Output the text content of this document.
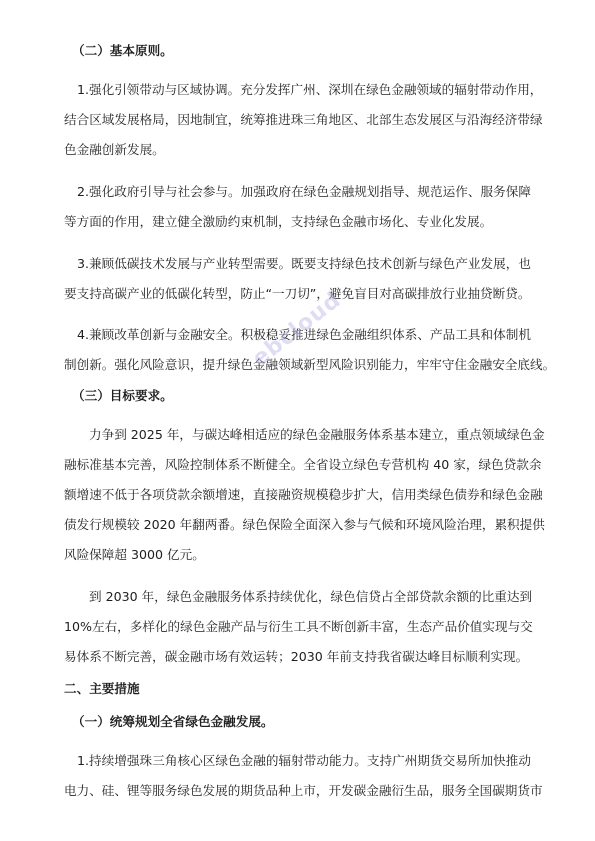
（二）基本原则。
1.强化引领带动与区域协调。充分发挥广州、深圳在绿色金融领域的辐射带动作用，
结合区域发展格局，因地制宜，统筹推进珠三角地区、北部生态发展区与沿海经济带绿
色金融创新发展。
2.强化政府引导与社会参与。加强政府在绿色金融规划指导、规范运作、服务保障
等方面的作用，建立健全激励约束机制，支持绿色金融市场化、专业化发展。
3.兼顾低碳技术发展与产业转型需要。既要支持绿色技术创新与绿色产业发展，也
要支持高碳产业的低碳化转型，防止“一刀切”，避免盲目对高碳排放行业抽贷断贷。
4.兼顾改革创新与金融安全。积极稳妥推进绿色金融组织体系、产品工具和体制机
制创新。强化风险意识，提升绿色金融领域新型风险识别能力，牢牢守住金融安全底线。
（三）目标要求。
力争到 2025 年，与碳达峰相适应的绿色金融服务体系基本建立，重点领域绿色金
融标准基本完善，风险控制体系不断健全。全省设立绿色专营机构 40 家，绿色贷款余
额增速不低于各项贷款余额增速，直接融资规模稳步扩大，信用类绿色债券和绿色金融
债发行规模较 2020 年翻两番。绿色保险全面深入参与气候和环境风险治理，累积提供
风险保障超 3000 亿元。
到 2030 年，绿色金融服务体系持续优化，绿色信贷占全部贷款余额的比重达到
10%左右，多样化的绿色金融产品与衍生工具不断创新丰富，生态产品价值实现与交
易体系不断完善，碳金融市场有效运转；2030 年前支持我省碳达峰目标顺利实现。
二、主要措施
（一）统筹规划全省绿色金融发展。
1.持续增强珠三角核心区绿色金融的辐射带动能力。支持广州期货交易所加快推动
电力、硅、锂等服务绿色发展的期货品种上市，开发碳金融衍生品，服务全国碳期货市
ebcloud
